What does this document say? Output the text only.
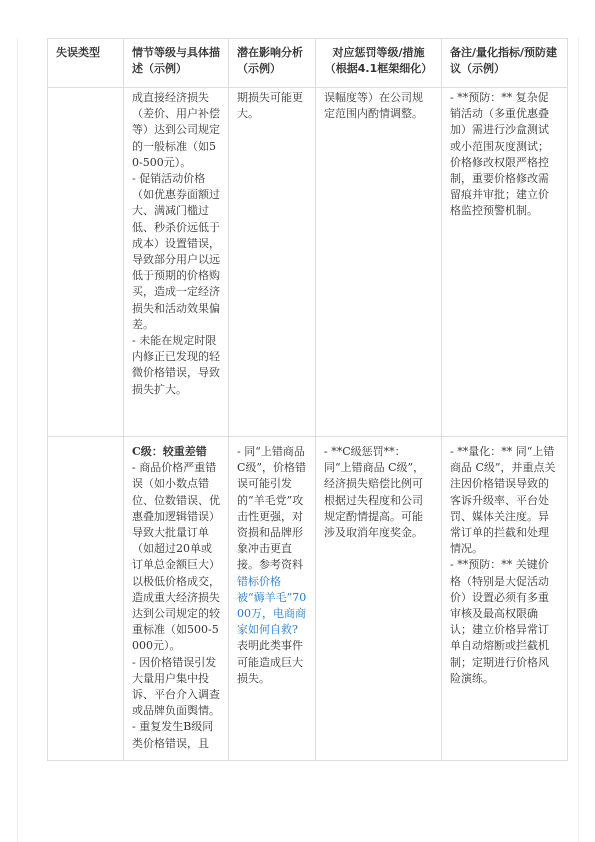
失误类型	情节等级与具体描述（示例）	潜在影响分析（示例）	对应惩罚等级/措施（根据4.1框架细化）	备注/量化指标/预防建议（示例）

	成直接经济损失（差价、用户补偿等）达到公司规定的一般标准（如50-500元）。
- 促销活动价格（如优惠券面额过大、满减门槛过低、秒杀价远低于成本）设置错误，导致部分用户以远低于预期的价格购买，造成一定经济损失和活动效果偏差。
- 未能在规定时限内修正已发现的轻微价格错误，导致损失扩大。	期损失可能更大。	误幅度等）在公司规定范围内酌情调整。	- **预防：** 复杂促销活动（多重优惠叠加）需进行沙盒测试或小范围灰度测试；价格修改权限严格控制，重要价格修改需留痕并审批；建立价格监控预警机制。

	C级：较重差错
- 商品价格严重错误（如小数点错位、位数错误、优惠叠加逻辑错误）导致大批量订单（如超过20单或订单总金额巨大）以极低价格成交，造成重大经济损失达到公司规定的较重标准（如500-5000元）。
- 因价格错误引发大量用户集中投诉、平台介入调查或品牌负面舆情。
- 重复发生B级同类价格错误，且	- 同“上错商品C级”，价格错误可能引发的“羊毛党”攻击性更强，对资损和品牌形象冲击更直接。参考资料错标价格被“薅羊毛”7000万，电商商家如何自救?表明此类事件可能造成巨大损失。	- **C级惩罚**：同“上错商品 C级”，经济损失赔偿比例可根据过失程度和公司规定酌情提高。可能涉及取消年度奖金。	- **量化：** 同“上错商品 C级”，并重点关注因价格错误导致的客诉升级率、平台处罚、媒体关注度。异常订单的拦截和处理情况。
- **预防：** 关键价格（特别是大促活动价）设置必须有多重审核及最高权限确认；建立价格异常订单自动熔断或拦截机制；定期进行价格风险演练。
